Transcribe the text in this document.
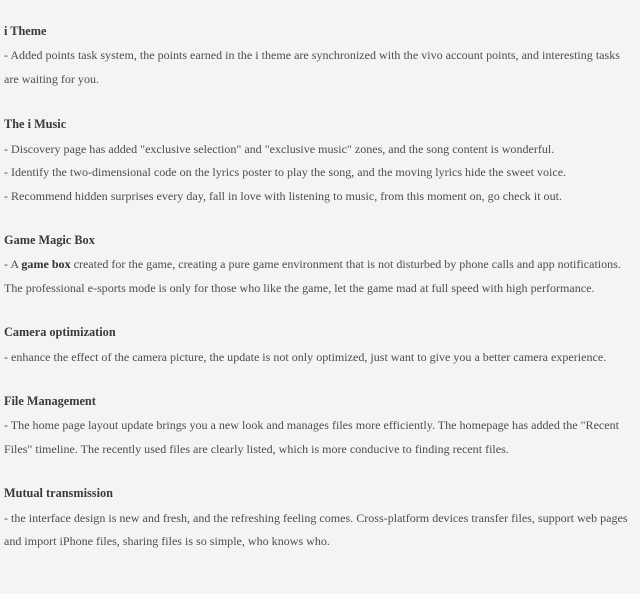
i Theme

- Added points task system, the points earned in the i theme are synchronized with the vivo account points, and interesting tasks are waiting for you.

The i Music

- Discovery page has added "exclusive selection" and "exclusive music" zones, and the song content is wonderful.

- Identify the two-dimensional code on the lyrics poster to play the song, and the moving lyrics hide the sweet voice.

- Recommend hidden surprises every day, fall in love with listening to music, from this moment on, go check it out.

Game Magic Box

- A game box created for the game, creating a pure game environment that is not disturbed by phone calls and app notifications. The professional e-sports mode is only for those who like the game, let the game mad at full speed with high performance.

Camera optimization

- enhance the effect of the camera picture, the update is not only optimized, just want to give you a better camera experience.

File Management

- The home page layout update brings you a new look and manages files more efficiently. The homepage has added the "Recent Files" timeline. The recently used files are clearly listed, which is more conducive to finding recent files.

Mutual transmission

- the interface design is new and fresh, and the refreshing feeling comes. Cross-platform devices transfer files, support web pages and import iPhone files, sharing files is so simple, who knows who.
